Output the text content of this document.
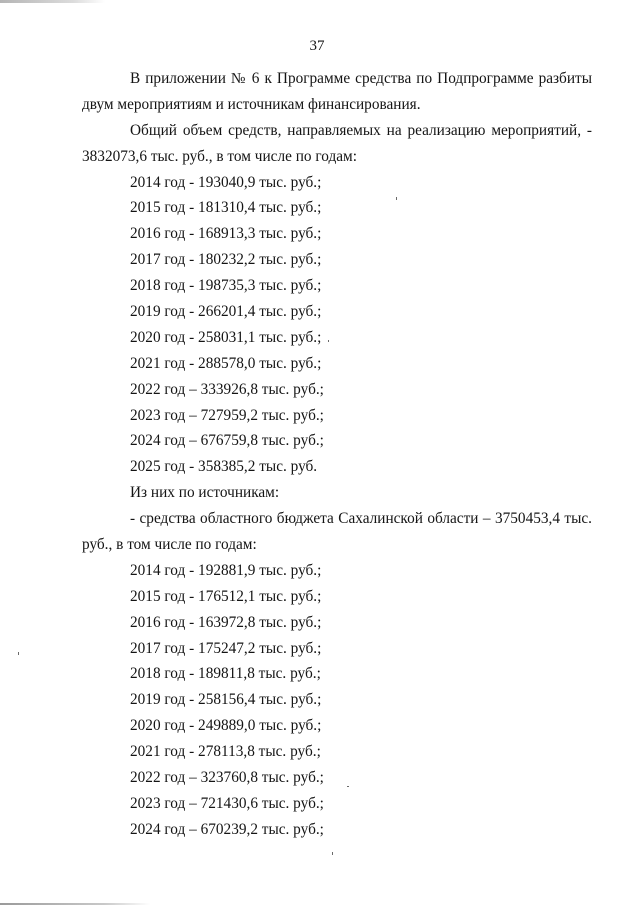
37
В приложении № 6 к Программе средства по Подпрограмме разбиты
двум мероприятиям и источникам финансирования.
Общий объем средств, направляемых на реализацию мероприятий, -
3832073,6 тыс. руб., в том числе по годам:
2014 год - 193040,9 тыс. руб.;
2015 год - 181310,4 тыс. руб.;
2016 год - 168913,3 тыс. руб.;
2017 год - 180232,2 тыс. руб.;
2018 год - 198735,3 тыс. руб.;
2019 год - 266201,4 тыс. руб.;
2020 год - 258031,1 тыс. руб.;
2021 год - 288578,0 тыс. руб.;
2022 год – 333926,8 тыс. руб.;
2023 год – 727959,2 тыс. руб.;
2024 год – 676759,8 тыс. руб.;
2025 год - 358385,2 тыс. руб.
Из них по источникам:
- средства областного бюджета Сахалинской области – 3750453,4 тыс.
руб., в том числе по годам:
2014 год - 192881,9 тыс. руб.;
2015 год - 176512,1 тыс. руб.;
2016 год - 163972,8 тыс. руб.;
2017 год - 175247,2 тыс. руб.;
2018 год - 189811,8 тыс. руб.;
2019 год - 258156,4 тыс. руб.;
2020 год - 249889,0 тыс. руб.;
2021 год - 278113,8 тыс. руб.;
2022 год – 323760,8 тыс. руб.;
2023 год – 721430,6 тыс. руб.;
2024 год – 670239,2 тыс. руб.;
